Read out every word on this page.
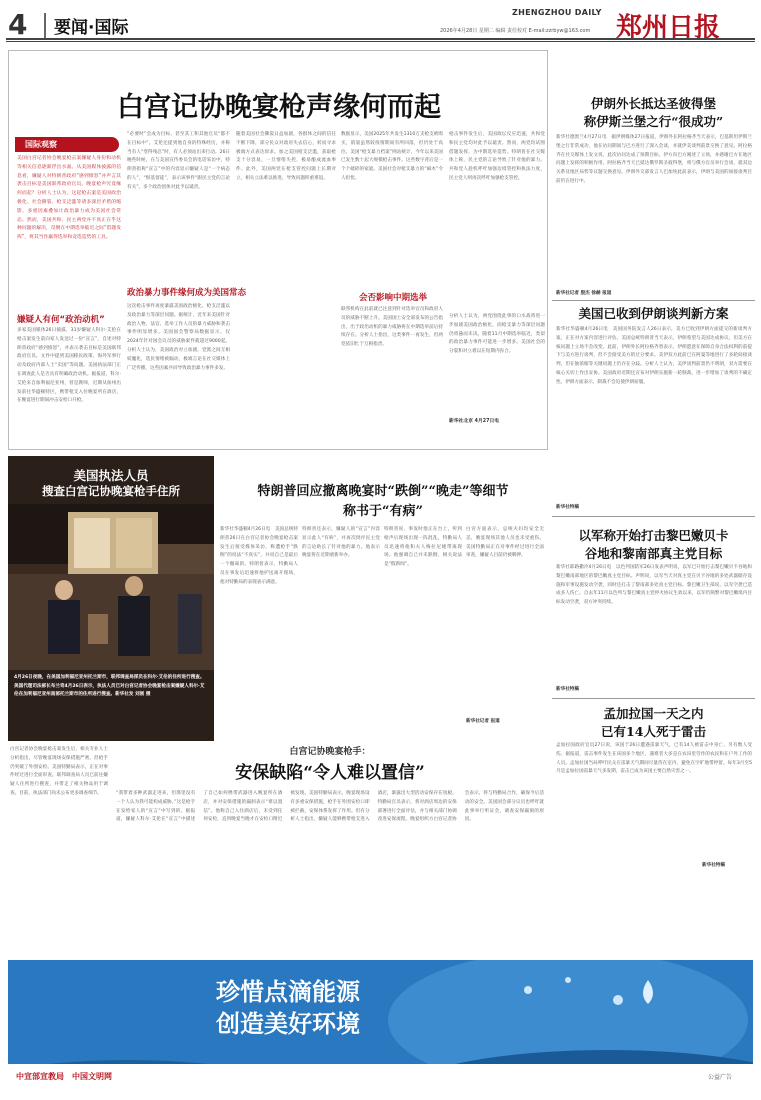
4	要闻·国际
ZHENGZHOU DAILY
郑州日报
2026年4月28日 星期二 编辑 责任校对 E-mail:zzrbyw@163.com
白宫记协晚宴枪声缘何而起
国际观察
美国白宫记者协会晚宴枪击案嫌疑人身份和动机等相关信息逐渐浮出水面。从美国媒体披露的信息看，嫌疑人对特朗普政府“感到愤怒”并声言其袭击目标是美国联邦政府官员。晚宴枪声究竟缘何而起？分析人士认为，这起枪击案是美国政治极化、社会撕裂、枪支泛滥等诸多深层矛盾的缩影，多重因素叠加让政治暴力成为美国社会常态。然而，美国共和、民主两党并不真正在乎这种问题的解决，反倒在中期选举临近之际“借题发挥”，将其当作赢得选举和竞选造势的工具。
嫌疑人有何“政治动机”
多家美国媒体26日披露，31岁嫌疑人科尔·艾伦在枪击案发生前向家人发送过一份“宣言”，自述对特朗普政府“感到愤怒”，并表示袭击目标是美国联邦政府官员。文件中提到美国移民政策、海外军事行动及政府内部人士“卖国”等问题。美国执法部门正在调查此人是否具有明确政治动机。据报道，科尔·艾伦来自加利福尼亚州，曾是教师，近期从加州出发前往华盛顿特区，携带枪支入住晚宴所在酒店，在晚宴进行期间冲击安检口开枪。
“必要时”会成为目标，甚至其工和其他官员“都不在目标中”。艾伦还提到他自身的特殊经历，并称当有人“变得残忍”时，有人必须站出来行动。26日晚些时候，在与美国宣传委员会的电话采访中，特朗普指称“宣言”中的内容显示嫌疑人是“一个病态的人”，“恨基督徒”，表示该事件“跟民主党的言论有关”。多个政治团体对此予以谴责。
政治暴力事件缘何成为美国常态
这次枪击事件再度暴露美国政治极化、枪支泛滥以及政治暴力等深层问题。据统计，近年来美国针对政治人物、法官、选举工作人员的暴力威胁和袭击事件明显增多。美国国会警察局数据显示，仅2024年针对国会议员的威胁案件就超过9000起。分析人士认为，美国政治对立加剧，党派之间互相妖魔化，选民情绪被煽动，极端言论在社交媒体上广泛传播，这些因素共同导致政治暴力事件多发。
随着美国社会撕裂日益加剧，各群体之间的信任不断下降，部分民众对政府失去信心，转而寻求极端方式表达诉求。加之美国枪支泛滥，获取枪支十分容易，一旦情绪失控，极易酿成流血事件。此外，美国两党在枪支管控问题上长期对立，相关立法难以推进，导致问题积重难返。
数据显示，美国2025年共发生1310万支枪支被购买，销量虽然较疫情期间有所回落，但仍处于高位。美国“枪支暴力档案”网站统计，今年以来美国已发生数十起大规模枪击事件。这些数字背后是一个个破碎的家庭。美国社会对枪支暴力的“麻木”令人担忧。
会否影响中期选举
联邦机构在此前就已注意到针对选举官员和政府人员的威胁不断上升。美国国土安全部发布的公告指出，出于政治动机的暴力威胁将在中期选举前后持续存在。分析人士指出，这类事件一再发生，但两党依旧忙于互相指责。
枪击事件发生后，美国政坛反应迅速，共和党和民主党均对此予以谴责。然而，两党均试图借题发挥，为中期选举造势。特朗普在社交媒体上称，民主党的言论导致了针对他的暴力。共和党人趁机呼吁加强边境管控和执法力度，民主党人则再次呼吁加强枪支管控。
分析人士认为，两党围绕此事的口水战将进一步加剧美国政治极化，而枪支暴力等深层问题仍将悬而未决。随着11月中期选举临近，类似的政治暴力事件可能进一步增多。美国社会的分裂和对立难以在短期内弥合。
新华社北京 4月27日电
伊朗外长抵达圣彼得堡
称伊斯兰堡之行“很成功”
新华社德黑兰4月27日电　据伊朗媒体27日报道，伊朗外长阿拉格齐当天表示，巴基斯坦伊斯兰堡之行非常成功，他在访问期间与巴方进行了深入会谈，并就伊美谈判前景交换了意见。阿拉格齐在社交媒体上发文说，此次访问达成了预期目标，伊方向巴方阐述了立场，并感谢巴方在地区问题上发挥的积极作用。阿拉格齐当天已抵达俄罗斯圣彼得堡，将与俄方官员举行会谈，就双边关系及地区局势等议题交换意见。伊朗外交部发言人巴加埃此前表示，伊朗与美国的间接谈判目前仍在进行中。
新华社记者 殷杰 徐赫 报道
美国已收到伊朗谈判新方案
新华社华盛顿4月26日电　美国国务院发言人26日表示，美方已收到伊朗方面提交的新谈判方案，正在对方案内容进行评估。美国总统特朗普当天表示，伊朗希望与美国达成协议，但美方在核问题上立场不会改变。此前，伊朗外长阿拉格齐曾表示，伊朗愿意在保障自身合法权利的前提下与美方进行谈判，但不会接受美方的过分要求。美伊双方此前已在阿曼等地进行了多轮间接谈判，但在铀浓缩等关键问题上仍存在分歧。分析人士认为，美伊谈判前景仍不明朗，双方需要在核心关切上作出妥协。美国政府近期还宣布对伊朗实施新一轮制裁，进一步增加了谈判的不确定性。伊朗方面表示，制裁不会迫使伊朗屈服。
新华社特稿
以军称开始打击黎巴嫩贝卡
谷地和黎南部真主党目标
新华社耶路撒冷4月26日电　以色列国防军26日发表声明说，以军已开始打击黎巴嫩贝卡谷地和黎巴嫩南部地区的黎巴嫩真主党目标。声明说，以军当天对真主党在贝卡谷地的多处武器储存设施和军事设施发动空袭，同时还打击了黎南部多处真主党目标。黎巴嫩卫生部说，以军空袭已造成多人伤亡。自去年11月以色列与黎巴嫩真主党停火协议生效以来，以军仍频繁对黎巴嫩境内目标发动空袭，双方冲突持续。
新华社特稿
孟加拉国一天之内
已有14人死于雷击
孟加拉国政府官员27日说，该国于26日遭遇雷暴天气，已有14人被雷击中身亡，另有数人受伤。据报道，雷击事件发生在该国多个地区，遇难者大多是在农田里劳作的农民和在户外工作的人员。孟加拉国当局呼吁民众在雷暴天气期间尽量待在室内，避免在空旷地带停留。每年3月至5月是孟加拉国雷暴天气多发期，雷击已成为该国主要自然灾害之一。
新华社特稿
美国执法人员
搜查白宫记协晚宴枪手住所
4月26日夜晚，在美国加利福尼亚州托兰斯市，联邦调查局探员在科尔·艾伦的住所进行搜查。美国代理司法部长布兰奇4月26日表示，执法人员已对白宫记者协会晚宴枪击案嫌疑人科尔·艾伦在加利福尼亚州南部托兰斯市的住所进行搜查。新华社发 刘刚 摄
白宫记者协会晚宴枪击案发生后，相关专业人士分析指出，尽管晚宴现场安保措施严密，但枪手仍突破了外围安检。美国特勤局表示，正在对事件经过进行全面审查。联邦调查局人员已前往嫌疑人住所进行搜查，并带走了相关物品用于调查。目前，执法部门尚未公布更多调查细节。
特朗普回应撤离晚宴时“跌倒”“晚走”等细节
称书于“有病”
新华社华盛顿4月26日电　美国总统特朗普26日在白宫记者协会晚宴枪击案发生后接受媒体采访，称遭枪手“跌倒”的说法“不真实”，并说自己是最后一个撤离的。特朗普表示，特勤局人员在事发后迅速将他护送离开现场，他对特勤局的表现表示满意。
特朗普还表示，嫌疑人的“宣言”内容显示此人“有病”，并再次批评民主党的言论助长了针对他的暴力。他表示晚宴将在近期重新举办。
特朗普说，事发时他正在台上，听到枪声后现场出现一阵混乱，特勤局人员迅速将他和夫人梅拉尼娅带离现场。他强调自己并未跌倒，相关说法是“假新闻”。
白宫方面表示，总统夫妇均安全无恙，晚宴现场其他人员也未受重伤。美国特勤局正在对事件经过进行全面审查，嫌疑人目前仍被羁押。
新华社记者 报道
白宫记协晚宴枪手：
安保缺陷“令人难以置信”
“我带着多种武器走进来，但那里没有一个人认为我可能构成威胁。”这是枪手在发给家人的“宣言”中写到的。据报道，嫌疑人科尔·艾伦在“宣言”中描述了自己如何携带武器进入晚宴所在酒店，并对安保措施的漏洞表示“难以置信”。他称自己入住酒店后，未受到任何安检，直到晚宴当晚才在安检口附近被发现。美国特勤局表示，晚宴现场设有多重安保措施，枪手在外围安检口即被拦截，安保体系发挥了作用。但有分析人士指出，嫌疑人能够携带枪支进入酒店，暴露出大型活动安保存在短板。特勤局官员表示，将对酒店周边的安保部署进行全面评估，并与相关部门协调改进安保流程。晚宴组织方白宫记者协会表示，将与特勤局合作，确保今后活动的安全。美国国会部分议员也呼吁就此事举行听证会，调查安保漏洞的原因。
珍惜点滴能源
创造美好环境
中宣部宣教局　中国文明网	公益广告
